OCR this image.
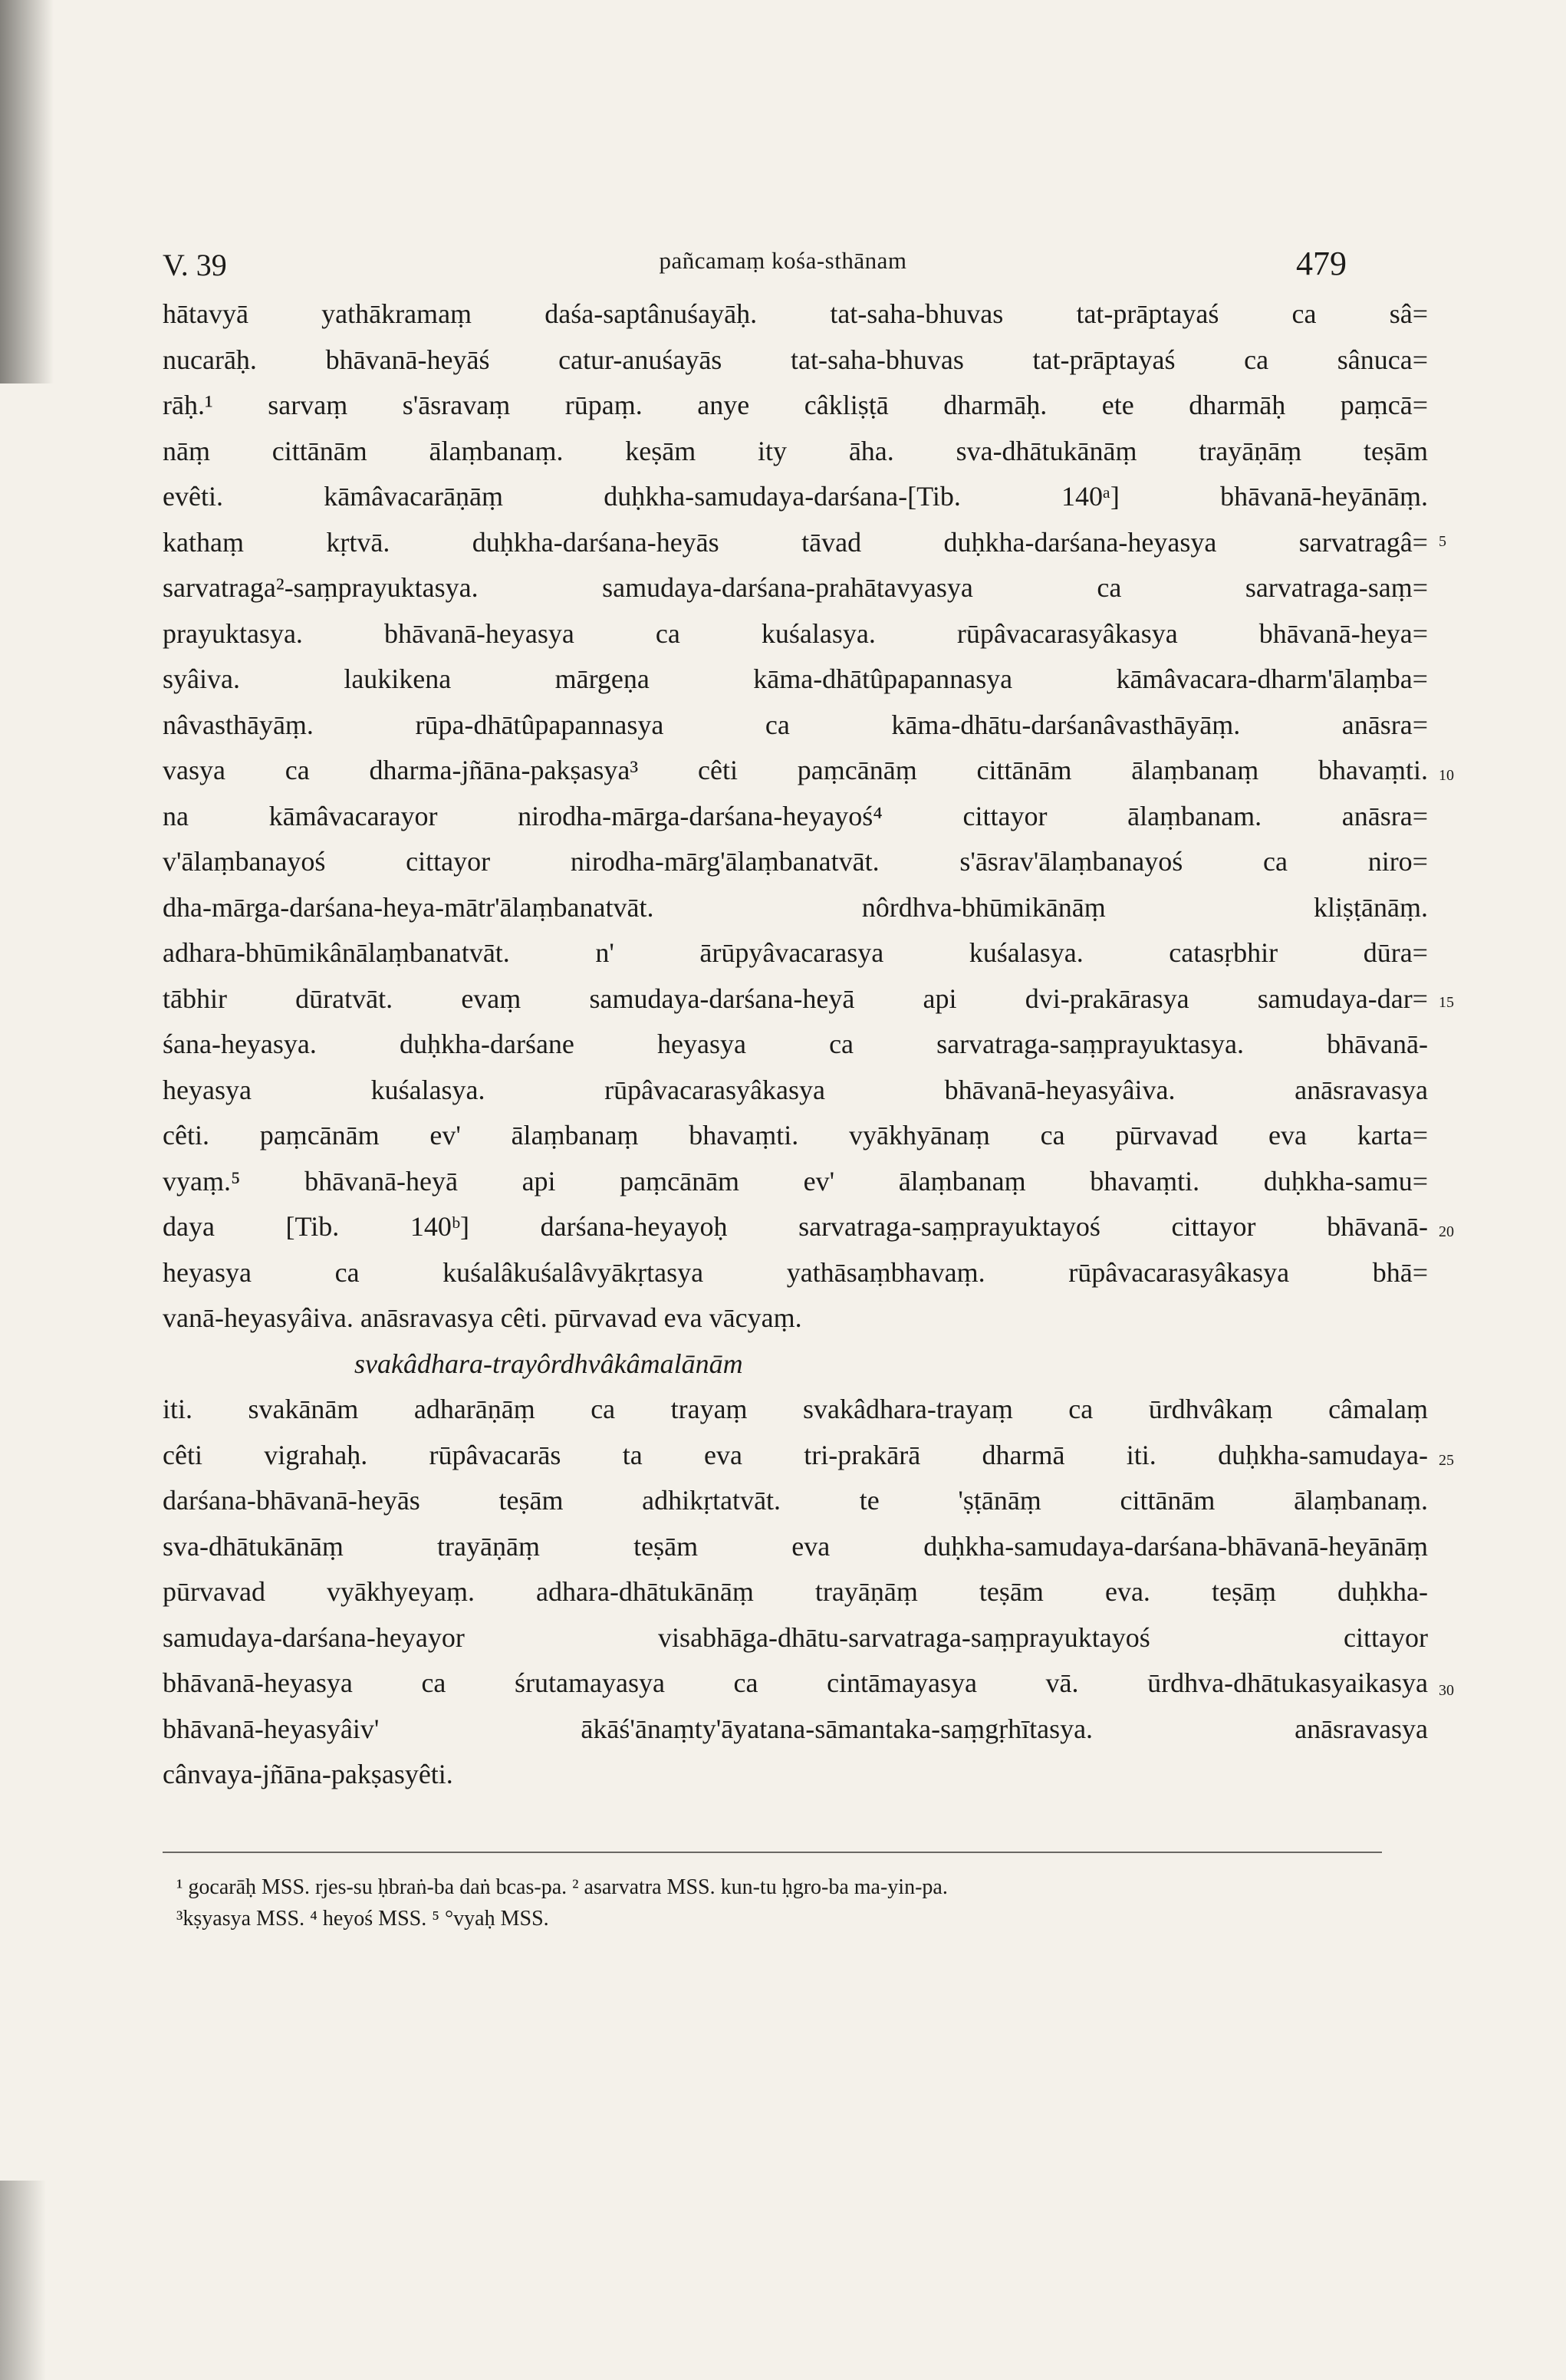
V. 39	pañcamaṃ kośa-sthānam	479
hātavyā yathākramaṃ daśa-saptânuśayāḥ. tat-saha-bhuvas tat-prāptayaś ca sâ=
nucarāḥ. bhāvanā-heyāś catur-anuśayās tat-saha-bhuvas tat-prāptayaś ca sânuca=
rāḥ.¹ sarvaṃ s'āsravaṃ rūpaṃ. anye câkliṣṭā dharmāḥ. ete dharmāḥ paṃcā=
nāṃ cittānām ālaṃbanaṃ. keṣām ity āha. sva-dhātukānāṃ trayāṇāṃ teṣām
evêti. kāmâvacarāṇāṃ duḥkha-samudaya-darśana-[Tib. 140ᵃ] bhāvanā-heyānāṃ.
kathaṃ kṛtvā. duḥkha-darśana-heyās tāvad duḥkha-darśana-heyasya sarvatragâ=
sarvatraga²-saṃprayuktasya. samudaya-darśana-prahātavyasya ca sarvatraga-saṃ=
prayuktasya. bhāvanā-heyasya ca kuśalasya. rūpâvacarasyâkasya bhāvanā-heya=
syâiva. laukikena mārgeṇa kāma-dhātûpapannasya kāmâvacara-dharm'ālaṃba=
nâvasthāyāṃ. rūpa-dhātûpapannasya ca kāma-dhātu-darśanâvasthāyāṃ. anāsra=
vasya ca dharma-jñāna-pakṣasya³ cêti paṃcānāṃ cittānām ālaṃbanaṃ bhavaṃti.
na kāmâvacarayor nirodha-mārga-darśana-heyayoś⁴ cittayor ālaṃbanam. anāsra=
v'ālaṃbanayoś cittayor nirodha-mārg'ālaṃbanatvāt. s'āsrav'ālaṃbanayoś ca niro=
dha-mārga-darśana-heya-mātr'ālaṃbanatvāt. nôrdhva-bhūmikānāṃ kliṣṭānāṃ.
adhara-bhūmikânālaṃbanatvāt. n' ārūpyâvacarasya kuśalasya. catasṛbhir dūra=
tābhir dūratvāt. evaṃ samudaya-darśana-heyā api dvi-prakārasya samudaya-dar=
śana-heyasya. duḥkha-darśane heyasya ca sarvatraga-saṃprayuktasya. bhāvanā-
heyasya kuśalasya. rūpâvacarasyâkasya bhāvanā-heyasyâiva. anāsravasya
cêti. paṃcānām ev' ālaṃbanaṃ bhavaṃti. vyākhyānaṃ ca pūrvavad eva karta=
vyaṃ.⁵ bhāvanā-heyā api paṃcānām ev' ālaṃbanaṃ bhavaṃti. duḥkha-samu=
daya [Tib. 140ᵇ] darśana-heyayoḥ sarvatraga-saṃprayuktayoś cittayor bhāvanā-
heyasya ca kuśalâkuśalâvyākṛtasya yathāsaṃbhavaṃ. rūpâvacarasyâkasya bhā=
vanā-heyasyâiva. anāsravasya cêti. pūrvavad eva vācyaṃ.
svakâdhara-trayôrdhvâkâmalānām
iti. svakānām adharāṇāṃ ca trayaṃ svakâdhara-trayaṃ ca ūrdhvâkaṃ câmalaṃ
cêti vigrahaḥ. rūpâvacarās ta eva tri-prakārā dharmā iti. duḥkha-samudaya-
darśana-bhāvanā-heyās teṣām adhikṛtatvāt. te 'ṣṭānāṃ cittānām ālaṃbanaṃ.
sva-dhātukānāṃ trayāṇāṃ teṣām eva duḥkha-samudaya-darśana-bhāvanā-heyānāṃ
pūrvavad vyākhyeyaṃ. adhara-dhātukānāṃ trayāṇāṃ teṣām eva. teṣāṃ duḥkha-
samudaya-darśana-heyayor visabhāga-dhātu-sarvatraga-saṃprayuktayoś cittayor
bhāvanā-heyasya ca śrutamayasya ca cintāmayasya vā. ūrdhva-dhātukasyaikasya
bhāvanā-heyasyâiv' ākāś'ānaṃty'āyatana-sāmantaka-saṃgṛhītasya. anāsravasya
cânvaya-jñāna-pakṣasyêti.
5
10
15
20
25
30
¹ gocarāḥ MSS. rjes-su ḥbraṅ-ba daṅ bcas-pa. ² asarvatra MSS. kun-tu ḥgro-ba ma-yin-pa.
³kṣyasya MSS. ⁴ heyoś MSS. ⁵ °vyaḥ MSS.
